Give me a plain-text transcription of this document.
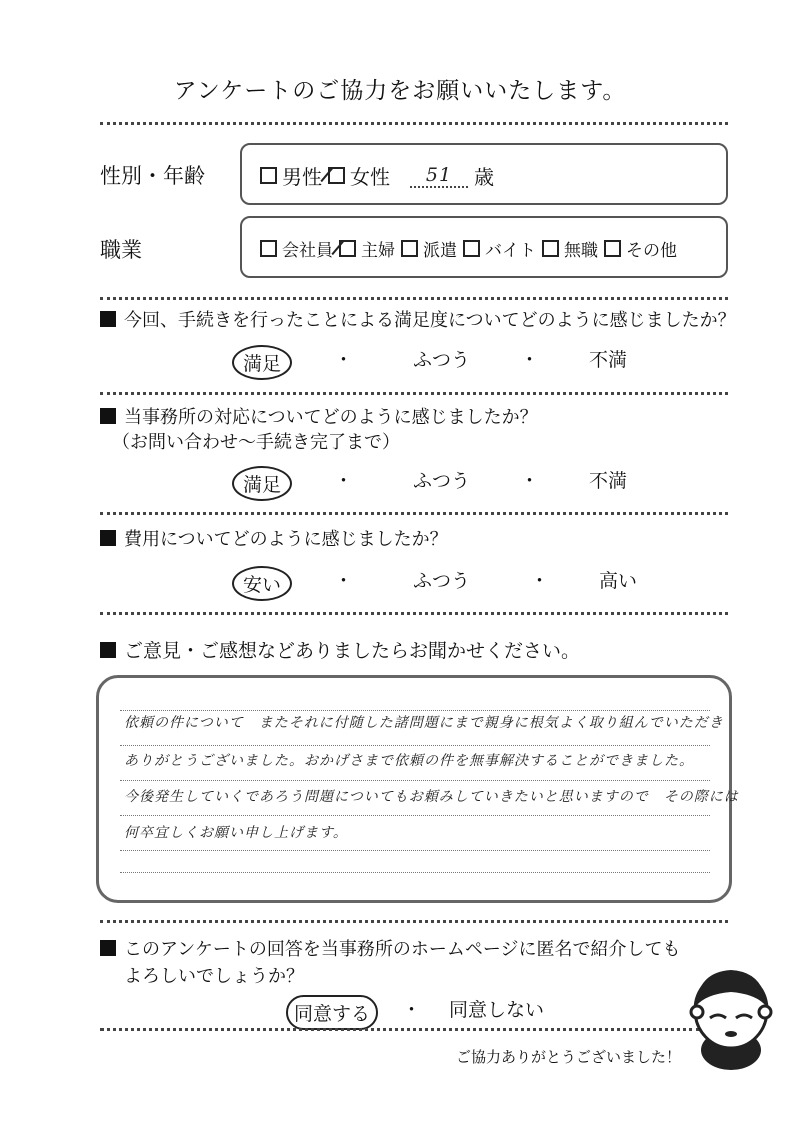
アンケートのご協力をお願いいたします。
性別・年齢	男性 女性	51	歳
職業	会社員 主婦 派遣 バイト 無職 その他
今回、手続きを行ったことによる満足度についてどのように感じましたか？
満足	・	ふつう	・	不満
当事務所の対応についてどのように感じましたか？
（お問い合わせ～手続き完了まで）
満足	・	ふつう	・	不満
費用についてどのように感じましたか？
安い	・	ふつう	・	高い
ご意見・ご感想などありましたらお聞かせください。
依頼の件について　またそれに付随した諸問題にまで親身に根気よく取り組んでいただき
ありがとうございました。おかげさまで依頼の件を無事解決することができました。
今後発生していくであろう問題についてもお頼みしていきたいと思いますので　その際には
何卒宜しくお願い申し上げます。
このアンケートの回答を当事務所のホームページに匿名で紹介しても
よろしいでしょうか？
同意する	・ 同意しない
ご協力ありがとうございました！
